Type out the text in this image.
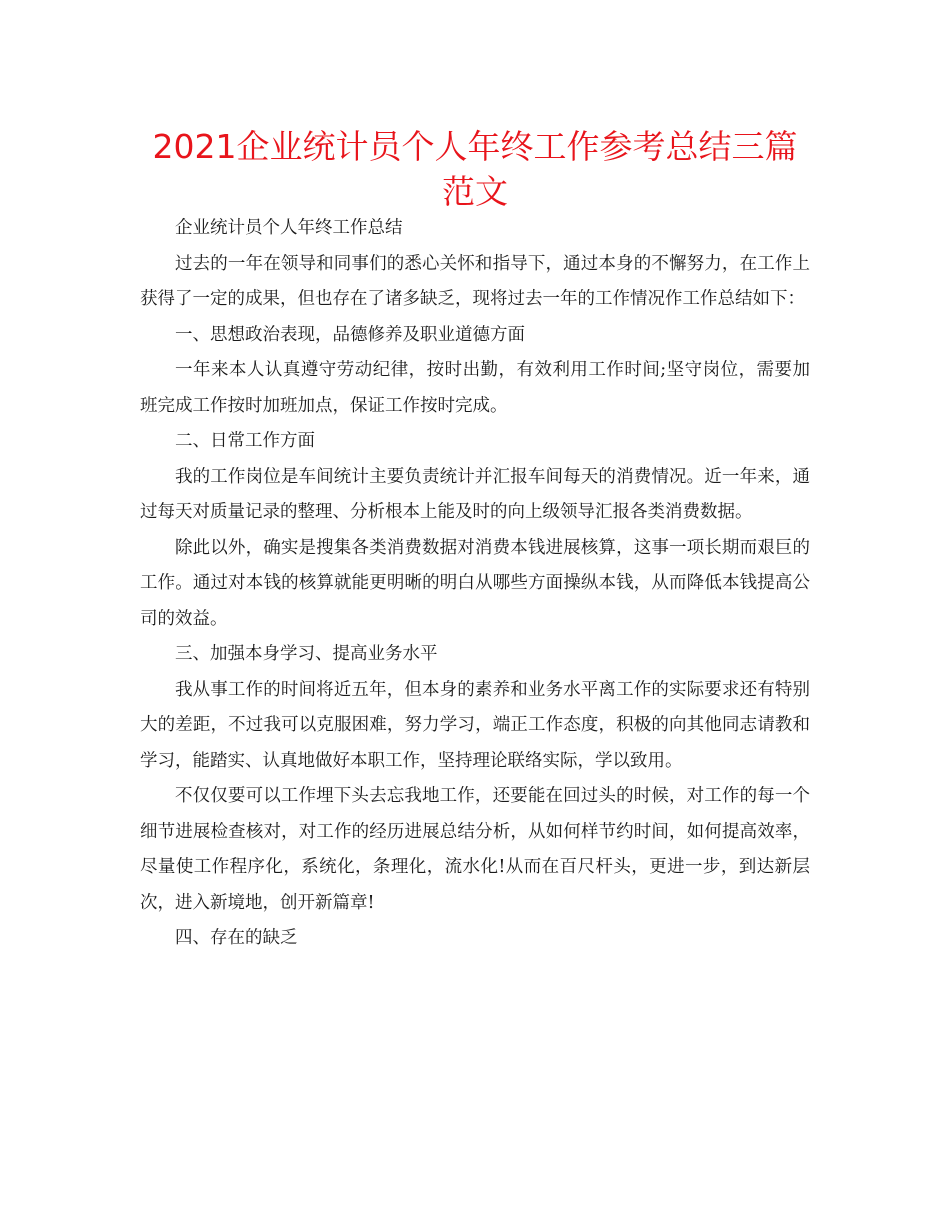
2021企业统计员个人年终工作参考总结三篇范文

企业统计员个人年终工作总结

过去的一年在领导和同事们的悉心关怀和指导下，通过本身的不懈努力，在工作上获得了一定的成果，但也存在了诸多缺乏，现将过去一年的工作情况作工作总结如下：

一、思想政治表现，品德修养及职业道德方面

一年来本人认真遵守劳动纪律，按时出勤，有效利用工作时间;坚守岗位，需要加班完成工作按时加班加点，保证工作按时完成。

二、日常工作方面

我的工作岗位是车间统计主要负责统计并汇报车间每天的消费情况。近一年来，通过每天对质量记录的整理、分析根本上能及时的向上级领导汇报各类消费数据。

除此以外，确实是搜集各类消费数据对消费本钱进展核算，这事一项长期而艰巨的工作。通过对本钱的核算就能更明晰的明白从哪些方面操纵本钱，从而降低本钱提高公司的效益。

三、加强本身学习、提高业务水平

我从事工作的时间将近五年，但本身的素养和业务水平离工作的实际要求还有特别大的差距，不过我可以克服困难，努力学习，端正工作态度，积极的向其他同志请教和学习，能踏实、认真地做好本职工作，坚持理论联络实际，学以致用。

不仅仅要可以工作埋下头去忘我地工作，还要能在回过头的时候，对工作的每一个细节进展检查核对，对工作的经历进展总结分析，从如何样节约时间，如何提高效率，尽量使工作程序化，系统化，条理化，流水化!从而在百尺杆头，更进一步，到达新层次，进入新境地，创开新篇章!

四、存在的缺乏
